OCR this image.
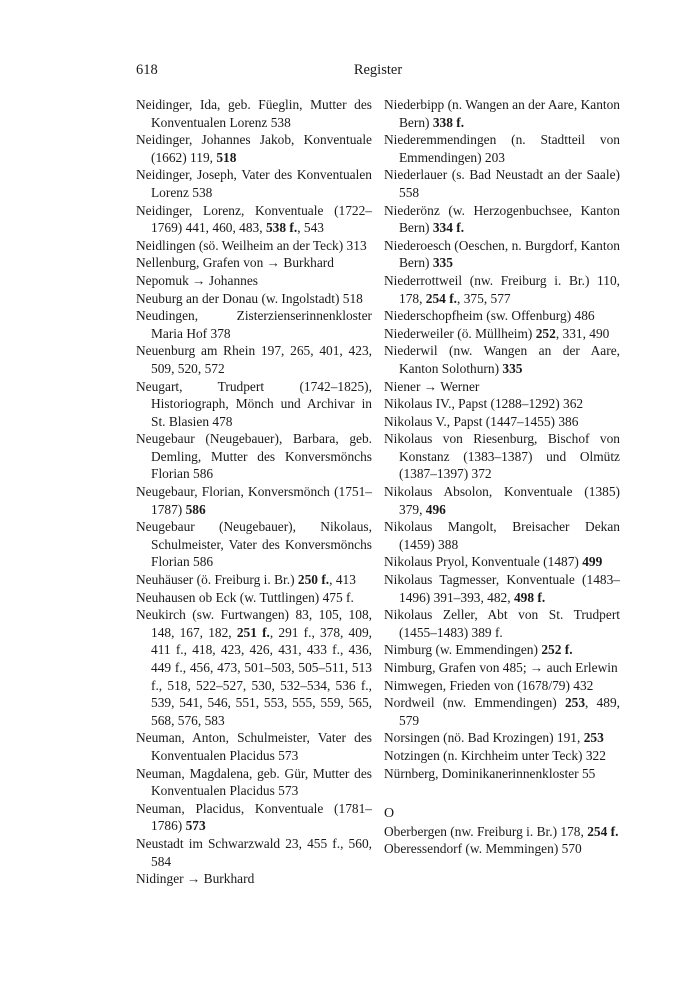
618	Register

Neidinger, Ida, geb. Füeglin, Mutter des Konventualen Lorenz 538

Neidinger, Johannes Jakob, Konventuale (1662) 119, 518

Neidinger, Joseph, Vater des Konventualen Lorenz 538

Neidinger, Lorenz, Konventuale (1722–1769) 441, 460, 483, 538 f., 543

Neidlingen (sö. Weilheim an der Teck) 313

Nellenburg, Grafen von → Burkhard

Nepomuk → Johannes

Neuburg an der Donau (w. Ingolstadt) 518

Neudingen, Zisterzienserinnenkloster Maria Hof 378

Neuenburg am Rhein 197, 265, 401, 423, 509, 520, 572

Neugart, Trudpert (1742–1825), Historiograph, Mönch und Archivar in St. Blasien 478

Neugebaur (Neugebauer), Barbara, geb. Demling, Mutter des Konversmönchs Florian 586

Neugebaur, Florian, Konversmönch (1751–1787) 586

Neugebaur (Neugebauer), Nikolaus, Schulmeister, Vater des Konversmönchs Florian 586

Neuhäuser (ö. Freiburg i. Br.) 250 f., 413

Neuhausen ob Eck (w. Tuttlingen) 475 f.

Neukirch (sw. Furtwangen) 83, 105, 108, 148, 167, 182, 251 f., 291 f., 378, 409, 411 f., 418, 423, 426, 431, 433 f., 436, 449 f., 456, 473, 501–503, 505–511, 513 f., 518, 522–527, 530, 532–534, 536 f., 539, 541, 546, 551, 553, 555, 559, 565, 568, 576, 583

Neuman, Anton, Schulmeister, Vater des Konventualen Placidus 573

Neuman, Magdalena, geb. Gür, Mutter des Konventualen Placidus 573

Neuman, Placidus, Konventuale (1781–1786) 573

Neustadt im Schwarzwald 23, 455 f., 560, 584

Nidinger → Burkhard

Niederbipp (n. Wangen an der Aare, Kanton Bern) 338 f.

Niederemmendingen (n. Stadtteil von Emmendingen) 203

Niederlauer (s. Bad Neustadt an der Saale) 558

Niederönz (w. Herzogenbuchsee, Kanton Bern) 334 f.

Niederoesch (Oeschen, n. Burgdorf, Kanton Bern) 335

Niederrottweil (nw. Freiburg i. Br.) 110, 178, 254 f., 375, 577

Niederschopfheim (sw. Offenburg) 486

Niederweiler (ö. Müllheim) 252, 331, 490

Niederwil (nw. Wangen an der Aare, Kanton Solothurn) 335

Niener → Werner

Nikolaus IV., Papst (1288–1292) 362

Nikolaus V., Papst (1447–1455) 386

Nikolaus von Riesenburg, Bischof von Konstanz (1383–1387) und Olmütz (1387–1397) 372

Nikolaus Absolon, Konventuale (1385) 379, 496

Nikolaus Mangolt, Breisacher Dekan (1459) 388

Nikolaus Pryol, Konventuale (1487) 499

Nikolaus Tagmesser, Konventuale (1483–1496) 391–393, 482, 498 f.

Nikolaus Zeller, Abt von St. Trudpert (1455–1483) 389 f.

Nimburg (w. Emmendingen) 252 f.

Nimburg, Grafen von 485; → auch Erlewin

Nimwegen, Frieden von (1678/79) 432

Nordweil (nw. Emmendingen) 253, 489, 579

Norsingen (nö. Bad Krozingen) 191, 253

Notzingen (n. Kirchheim unter Teck) 322

Nürnberg, Dominikanerinnenkloster 55

O

Oberbergen (nw. Freiburg i. Br.) 178, 254 f.

Oberessendorf (w. Memmingen) 570
